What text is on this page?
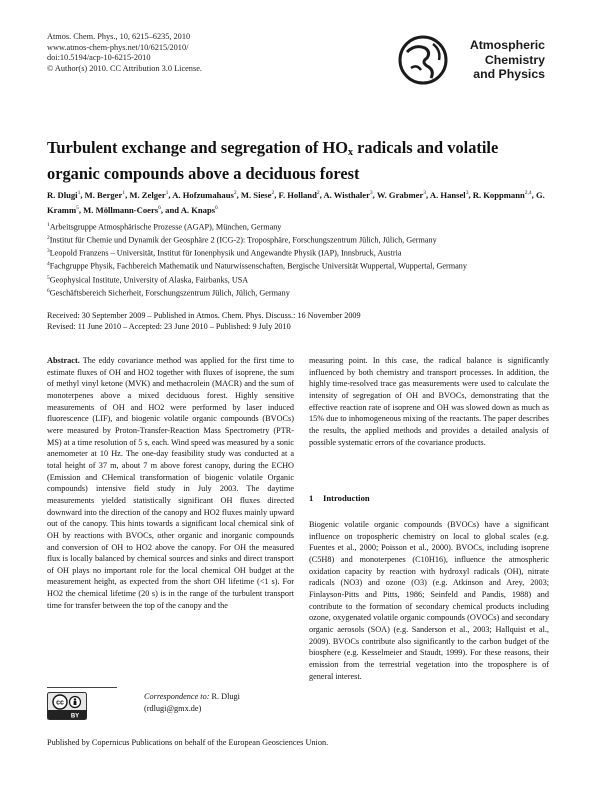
Atmos. Chem. Phys., 10, 6215–6235, 2010
www.atmos-chem-phys.net/10/6215/2010/
doi:10.5194/acp-10-6215-2010
© Author(s) 2010. CC Attribution 3.0 License.
Atmospheric
Chemistry
and Physics
Turbulent exchange and segregation of $HO_x$ radicals and volatile organic compounds above a deciduous forest
R. Dlugi$^1$, M. Berger$^1$, M. Zelger$^1$, A. Hofzumahaus$^2$, M. Siese$^2$, F. Holland$^2$, A. Wisthaler$^3$, W. Grabmer$^3$, A. Hansel$^3$, R. Koppmann$^{2,4}$, G. Kramm$^5$, M. Möllmann-Coers$^6$, and A. Knaps$^6$
$^1$Arbeitsgruppe Atmosphärische Prozesse (AGAP), München, Germany
$^2$Institut für Chemie und Dynamik der Geosphäre 2 (ICG-2): Troposphäre, Forschungszentrum Jülich, Jülich, Germany
$^3$Leopold Franzens – Universität, Institut für Ionenphysik und Angewandte Physik (IAP), Innsbruck, Austria
$^4$Fachgruppe Physik, Fachbereich Mathematik und Naturwissenschaften, Bergische Universität Wuppertal, Wuppertal, Germany
$^5$Geophysical Institute, University of Alaska, Fairbanks, USA
$^6$Geschäftsbereich Sicherheit, Forschungszentrum Jülich, Jülich, Germany
Received: 30 September 2009 – Published in Atmos. Chem. Phys. Discuss.: 16 November 2009
Revised: 11 June 2010 – Accepted: 23 June 2010 – Published: 9 July 2010

Abstract. The eddy covariance method was applied for the first time to estimate fluxes of OH and HO2 together with fluxes of isoprene, the sum of methyl vinyl ketone (MVK) and methacrolein (MACR) and the sum of monoterpenes above a mixed deciduous forest. Highly sensitive measurements of OH and HO2 were performed by laser induced fluorescence (LIF), and biogenic volatile organic compounds (BVOCs) were measured by Proton-Transfer-Reaction Mass Spectrometry (PTR-MS) at a time resolution of 5 s, each. Wind speed was measured by a sonic anemometer at 10 Hz. The one-day feasibility study was conducted at a total height of 37 m, about 7 m above forest canopy, during the ECHO (Emission and CHemical transformation of biogenic volatile Organic compounds) intensive field study in July 2003. The daytime measurements yielded statistically significant OH fluxes directed downward into the direction of the canopy and HO2 fluxes mainly upward out of the canopy. This hints towards a significant local chemical sink of OH by reactions with BVOCs, other organic and inorganic compounds and conversion of OH to HO2 above the canopy. For OH the measured flux is locally balanced by chemical sources and sinks and direct transport of OH plays no important role for the local chemical OH budget at the measurement height, as expected from the short OH lifetime (<1 s). For HO2 the chemical lifetime (20 s) is in the range of the turbulent transport time for transfer between the top of the canopy and the

measuring point. In this case, the radical balance is significantly influenced by both chemistry and transport processes. In addition, the highly time-resolved trace gas measurements were used to calculate the intensity of segregation of OH and BVOCs, demonstrating that the effective reaction rate of isoprene and OH was slowed down as much as 15% due to inhomogeneous mixing of the reactants. The paper describes the results, the applied methods and provides a detailed analysis of possible systematic errors of the covariance products.

1 Introduction

Biogenic volatile organic compounds (BVOCs) have a significant influence on tropospheric chemistry on local to global scales (e.g. Fuentes et al., 2000; Poisson et al., 2000). BVOCs, including isoprene (C5H8) and monoterpenes (C10H16), influence the atmospheric oxidation capacity by reaction with hydroxyl radicals (OH), nitrate radicals (NO3) and ozone (O3) (e.g. Atkinson and Arey, 2003; Finlayson-Pitts and Pitts, 1986; Seinfeld and Pandis, 1988) and contribute to the formation of secondary chemical products including ozone, oxygenated volatile organic compounds (OVOCs) and secondary organic aerosols (SOA) (e.g. Sanderson et al., 2003; Hallquist et al., 2009). BVOCs contribute also significantly to the carbon budget of the biosphere (e.g. Kesselmeier and Staudt, 1999). For these reasons, their emission from the terrestrial vegetation into the troposphere is of general interest.

cc
BY
Correspondence to: R. Dlugi
(rdlugi@gmx.de)
Published by Copernicus Publications on behalf of the European Geosciences Union.
